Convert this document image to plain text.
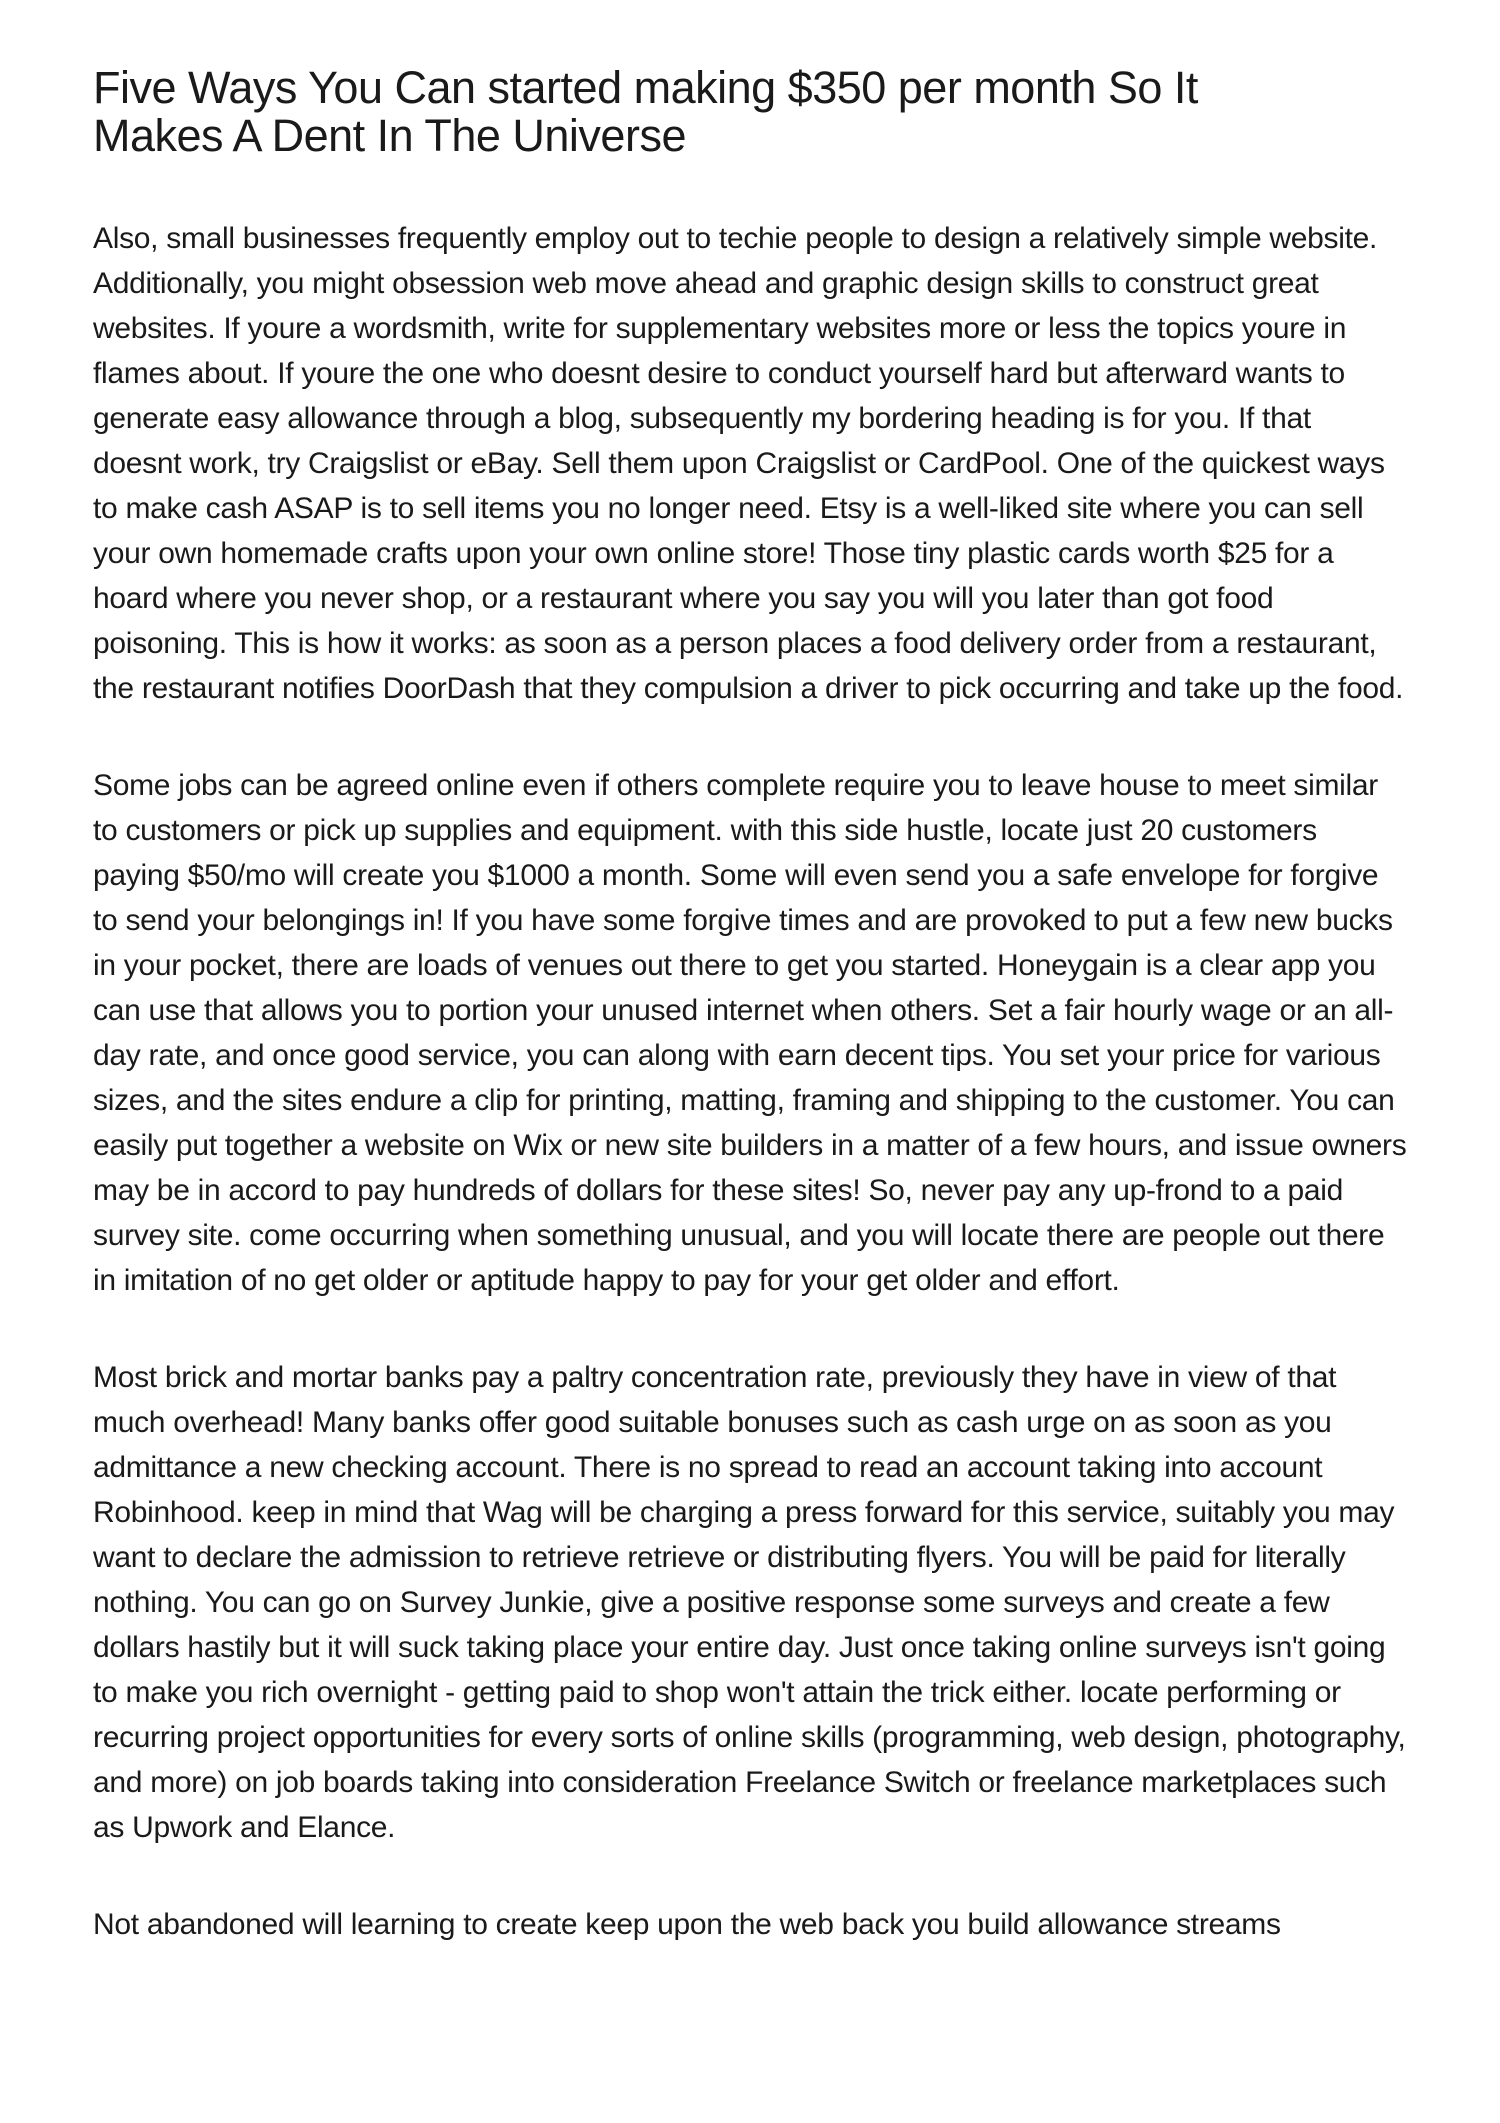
Five Ways You Can started making $350 per month So It Makes A Dent In The Universe

Also, small businesses frequently employ out to techie people to design a relatively simple website. Additionally, you might obsession web move ahead and graphic design skills to construct great websites. If youre a wordsmith, write for supplementary websites more or less the topics youre in flames about. If youre the one who doesnt desire to conduct yourself hard but afterward wants to generate easy allowance through a blog, subsequently my bordering heading is for you. If that doesnt work, try Craigslist or eBay. Sell them upon Craigslist or CardPool. One of the quickest ways to make cash ASAP is to sell items you no longer need. Etsy is a well-liked site where you can sell your own homemade crafts upon your own online store! Those tiny plastic cards worth $25 for a hoard where you never shop, or a restaurant where you say you will you later than got food poisoning. This is how it works: as soon as a person places a food delivery order from a restaurant, the restaurant notifies DoorDash that they compulsion a driver to pick occurring and take up the food.

Some jobs can be agreed online even if others complete require you to leave house to meet similar to customers or pick up supplies and equipment. with this side hustle, locate just 20 customers paying $50/mo will create you $1000 a month. Some will even send you a safe envelope for forgive to send your belongings in! If you have some forgive times and are provoked to put a few new bucks in your pocket, there are loads of venues out there to get you started. Honeygain is a clear app you can use that allows you to portion your unused internet when others. Set a fair hourly wage or an all-day rate, and once good service, you can along with earn decent tips. You set your price for various sizes, and the sites endure a clip for printing, matting, framing and shipping to the customer. You can easily put together a website on Wix or new site builders in a matter of a few hours, and issue owners may be in accord to pay hundreds of dollars for these sites! So, never pay any up-frond to a paid survey site. come occurring when something unusual, and you will locate there are people out there in imitation of no get older or aptitude happy to pay for your get older and effort.

Most brick and mortar banks pay a paltry concentration rate, previously they have in view of that much overhead! Many banks offer good suitable bonuses such as cash urge on as soon as you admittance a new checking account. There is no spread to read an account taking into account Robinhood. keep in mind that Wag will be charging a press forward for this service, suitably you may want to declare the admission to retrieve retrieve or distributing flyers. You will be paid for literally nothing. You can go on Survey Junkie, give a positive response some surveys and create a few dollars hastily but it will suck taking place your entire day. Just once taking online surveys isn't going to make you rich overnight - getting paid to shop won't attain the trick either. locate performing or recurring project opportunities for every sorts of online skills (programming, web design, photography, and more) on job boards taking into consideration Freelance Switch or freelance marketplaces such as Upwork and Elance.

Not abandoned will learning to create keep upon the web back you build allowance streams
